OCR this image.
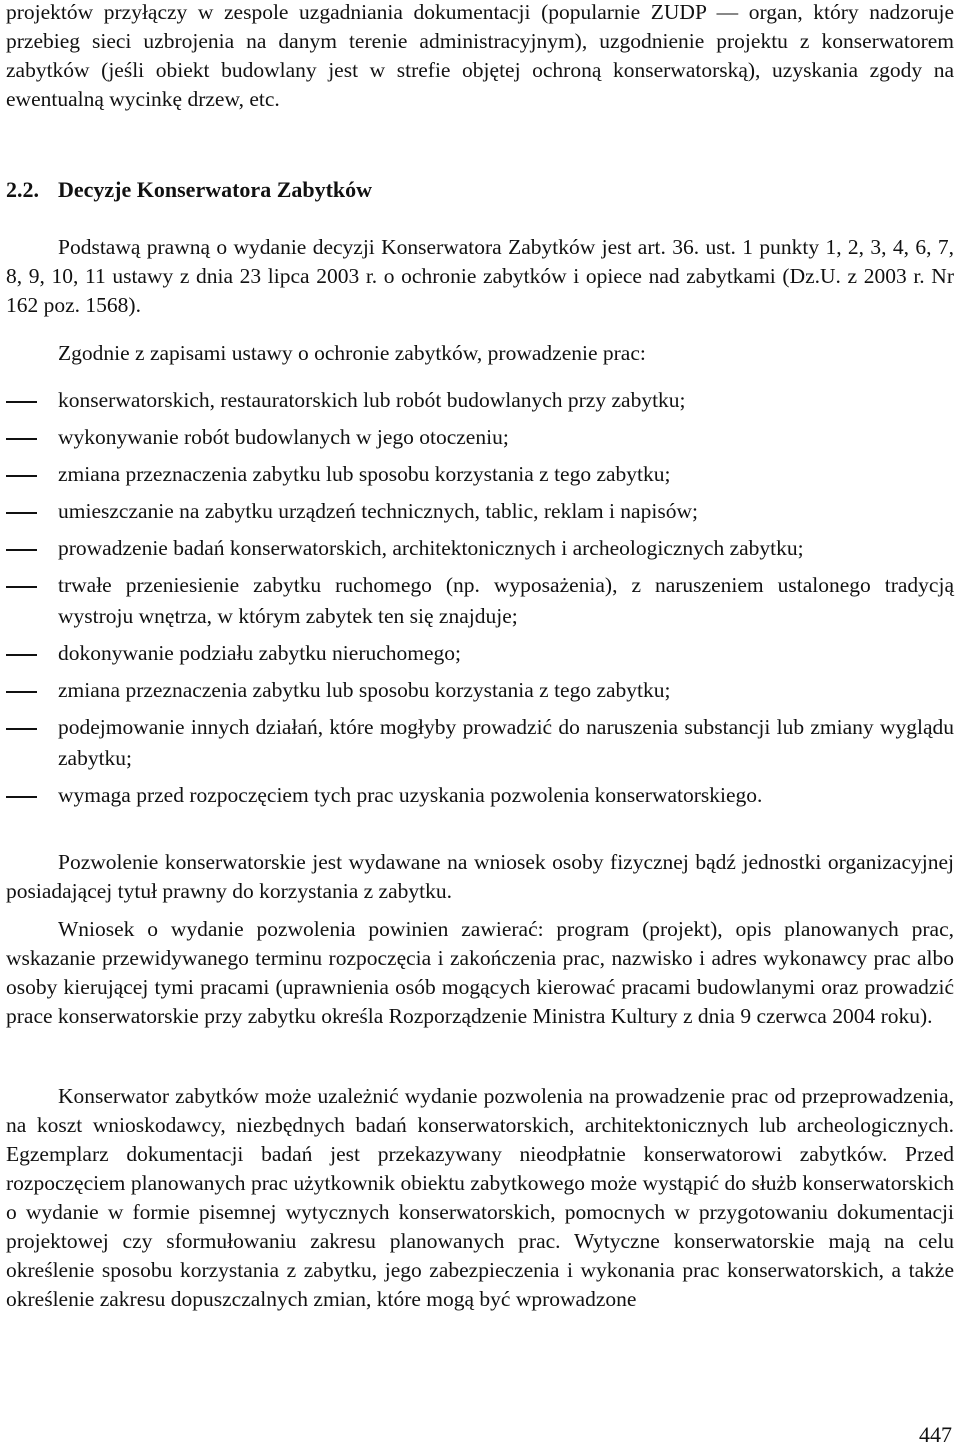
projektów przyłączy w zespole uzgadniania dokumentacji (popularnie ZUDP — organ, który nadzoruje przebieg sieci uzbrojenia na danym terenie administracyjnym), uzgodnienie projektu z konserwatorem zabytków (jeśli obiekt budowlany jest w strefie objętej ochroną konserwatorską), uzyskania zgody na ewentualną wycinkę drzew, etc.

2.2. Decyzje Konserwatora Zabytków

Podstawą prawną o wydanie decyzji Konserwatora Zabytków jest art. 36. ust. 1 punkty 1, 2, 3, 4, 6, 7, 8, 9, 10, 11 ustawy z dnia 23 lipca 2003 r. o ochronie zabytków i opiece nad zabytkami (Dz.U. z 2003 r. Nr 162 poz. 1568).

Zgodnie z zapisami ustawy o ochronie zabytków, prowadzenie prac:

konserwatorskich, restauratorskich lub robót budowlanych przy zabytku;
wykonywanie robót budowlanych w jego otoczeniu;
zmiana przeznaczenia zabytku lub sposobu korzystania z tego zabytku;
umieszczanie na zabytku urządzeń technicznych, tablic, reklam i napisów;
prowadzenie badań konserwatorskich, architektonicznych i archeologicznych zabytku;
trwałe przeniesienie zabytku ruchomego (np. wyposażenia), z naruszeniem ustalonego tradycją wystroju wnętrza, w którym zabytek ten się znajduje;
dokonywanie podziału zabytku nieruchomego;
zmiana przeznaczenia zabytku lub sposobu korzystania z tego zabytku;
podejmowanie innych działań, które mogłyby prowadzić do naruszenia substancji lub zmiany wyglądu zabytku;
wymaga przed rozpoczęciem tych prac uzyskania pozwolenia konserwatorskiego.

Pozwolenie konserwatorskie jest wydawane na wniosek osoby fizycznej bądź jednostki organizacyjnej posiadającej tytuł prawny do korzystania z zabytku.

Wniosek o wydanie pozwolenia powinien zawierać: program (projekt), opis planowanych prac, wskazanie przewidywanego terminu rozpoczęcia i zakończenia prac, nazwisko i adres wykonawcy prac albo osoby kierującej tymi pracami (uprawnienia osób mogących kierować pracami budowlanymi oraz prowadzić prace konserwatorskie przy zabytku określa Rozporządzenie Ministra Kultury z dnia 9 czerwca 2004 roku).

Konserwator zabytków może uzależnić wydanie pozwolenia na prowadzenie prac od przeprowadzenia, na koszt wnioskodawcy, niezbędnych badań konserwatorskich, architektonicznych lub archeologicznych. Egzemplarz dokumentacji badań jest przekazywany nieodpłatnie konserwatorowi zabytków. Przed rozpoczęciem planowanych prac użytkownik obiektu zabytkowego może wystąpić do służb konserwatorskich o wydanie w formie pisemnej wytycznych konserwatorskich, pomocnych w przygotowaniu dokumentacji projektowej czy sformułowaniu zakresu planowanych prac. Wytyczne konserwatorskie mają na celu określenie sposobu korzystania z zabytku, jego zabezpieczenia i wykonania prac konserwatorskich, a także określenie zakresu dopuszczalnych zmian, które mogą być wprowadzone

447
